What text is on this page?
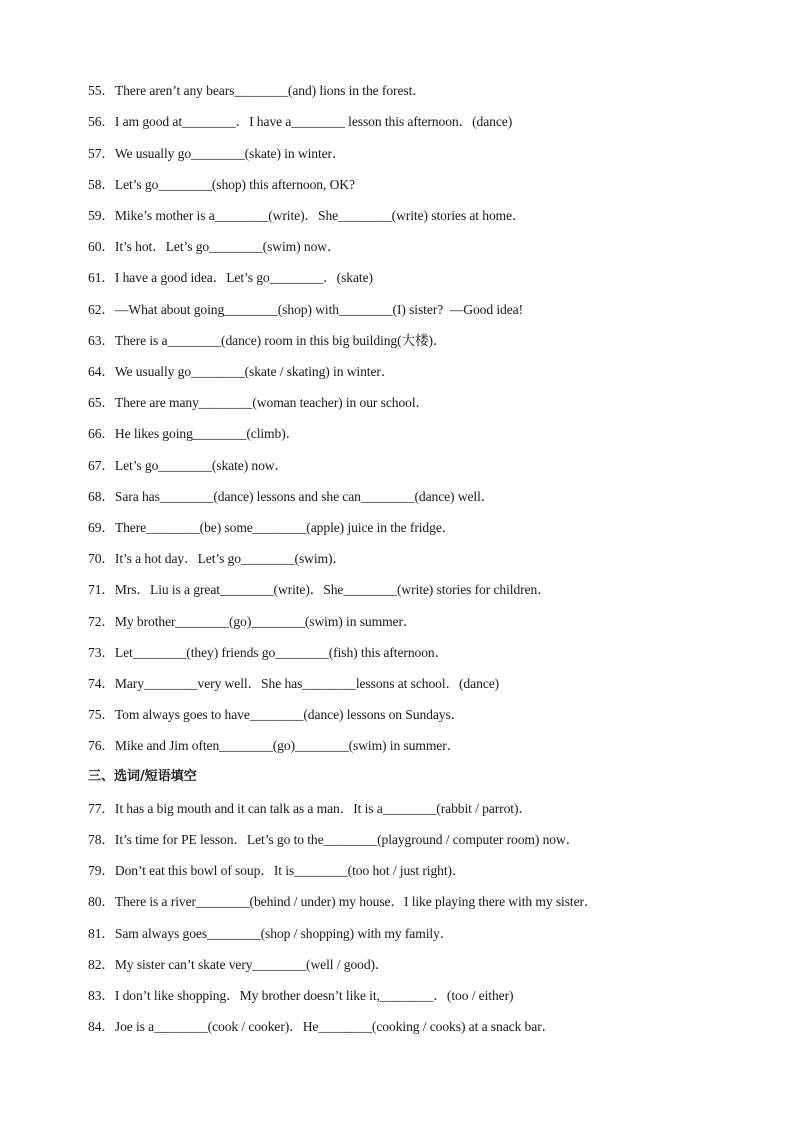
55．There aren’t any bears________(and) lions in the forest．
56．I am good at________．I have a________ lesson this afternoon．(dance)
57．We usually go________(skate) in winter．
58．Let’s go________(shop) this afternoon, OK?
59．Mike’s mother is a________(write)．She________(write) stories at home．
60．It’s hot．Let’s go________(swim) now．
61．I have a good idea．Let’s go________．(skate)
62．—What about going________(shop) with________(I) sister?  —Good idea!
63．There is a________(dance) room in this big building(大楼)．
64．We usually go________(skate / skating) in winter．
65．There are many________(woman teacher) in our school．
66．He likes going________(climb)．
67．Let’s go________(skate) now．
68．Sara has________(dance) lessons and she can________(dance) well．
69．There________(be) some________(apple) juice in the fridge．
70．It’s a hot day．Let’s go________(swim)．
71．Mrs．Liu is a great________(write)．She________(write) stories for children．
72．My brother________(go)________(swim) in summer．
73．Let________(they) friends go________(fish) this afternoon．
74．Mary________very well．She has________lessons at school．(dance)
75．Tom always goes to have________(dance) lessons on Sundays．
76．Mike and Jim often________(go)________(swim) in summer．
三、选词/短语填空
77．It has a big mouth and it can talk as a man．It is a________(rabbit / parrot)．
78．It’s time for PE lesson．Let’s go to the________(playground / computer room) now．
79．Don’t eat this bowl of soup．It is________(too hot / just right)．
80．There is a river________(behind / under) my house．I like playing there with my sister．
81．Sam always goes________(shop / shopping) with my family．
82．My sister can’t skate very________(well / good)．
83．I don’t like shopping．My brother doesn’t like it,________．(too / either)
84．Joe is a________(cook / cooker)．He________(cooking / cooks) at a snack bar．
